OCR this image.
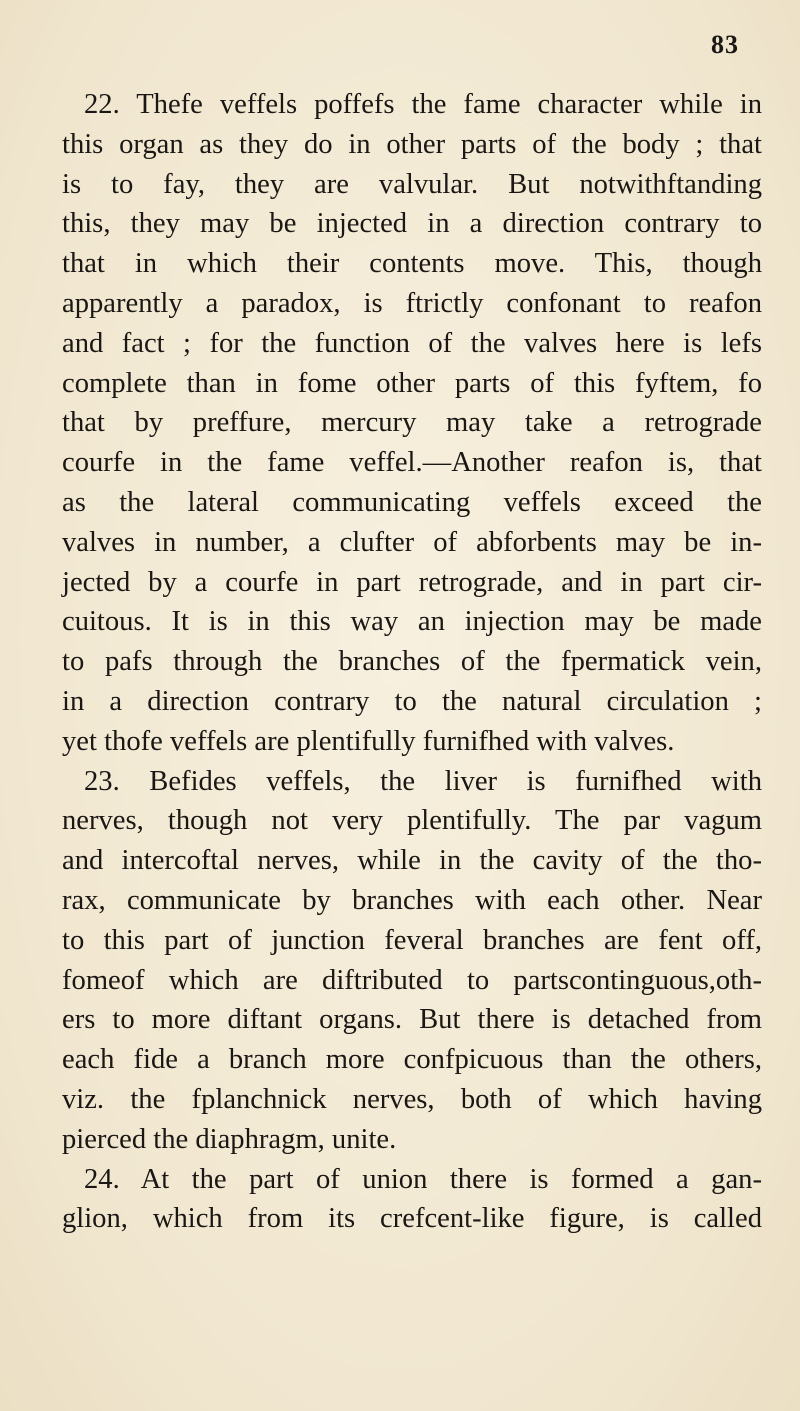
83
22. Thefe veffels poffefs the fame character while in
this organ as they do in other parts of the body ; that
is to fay, they are valvular. But notwithftanding
this, they may be injected in a direction contrary to
that in which their contents move. This, though
apparently a paradox, is ftrictly confonant to reafon
and fact ; for the function of the valves here is lefs
complete than in fome other parts of this fyftem, fo
that by preffure, mercury may take a retrograde
courfe in the fame veffel.—Another reafon is, that
as the lateral communicating veffels exceed the
valves in number, a clufter of abforbents may be in-
jected by a courfe in part retrograde, and in part cir-
cuitous. It is in this way an injection may be made
to pafs through the branches of the fpermatick vein,
in a direction contrary to the natural circulation ;
yet thofe veffels are plentifully furnifhed with valves.
23. Befides veffels, the liver is furnifhed with
nerves, though not very plentifully. The par vagum
and intercoftal nerves, while in the cavity of the tho-
rax, communicate by branches with each other. Near
to this part of junction feveral branches are fent off,
fomeof which are diftributed to partscontinguous,oth-
ers to more diftant organs. But there is detached from
each fide a branch more confpicuous than the others,
viz. the fplanchnick nerves, both of which having
pierced the diaphragm, unite.
24. At the part of union there is formed a gan-
glion, which from its crefcent-like figure, is called
